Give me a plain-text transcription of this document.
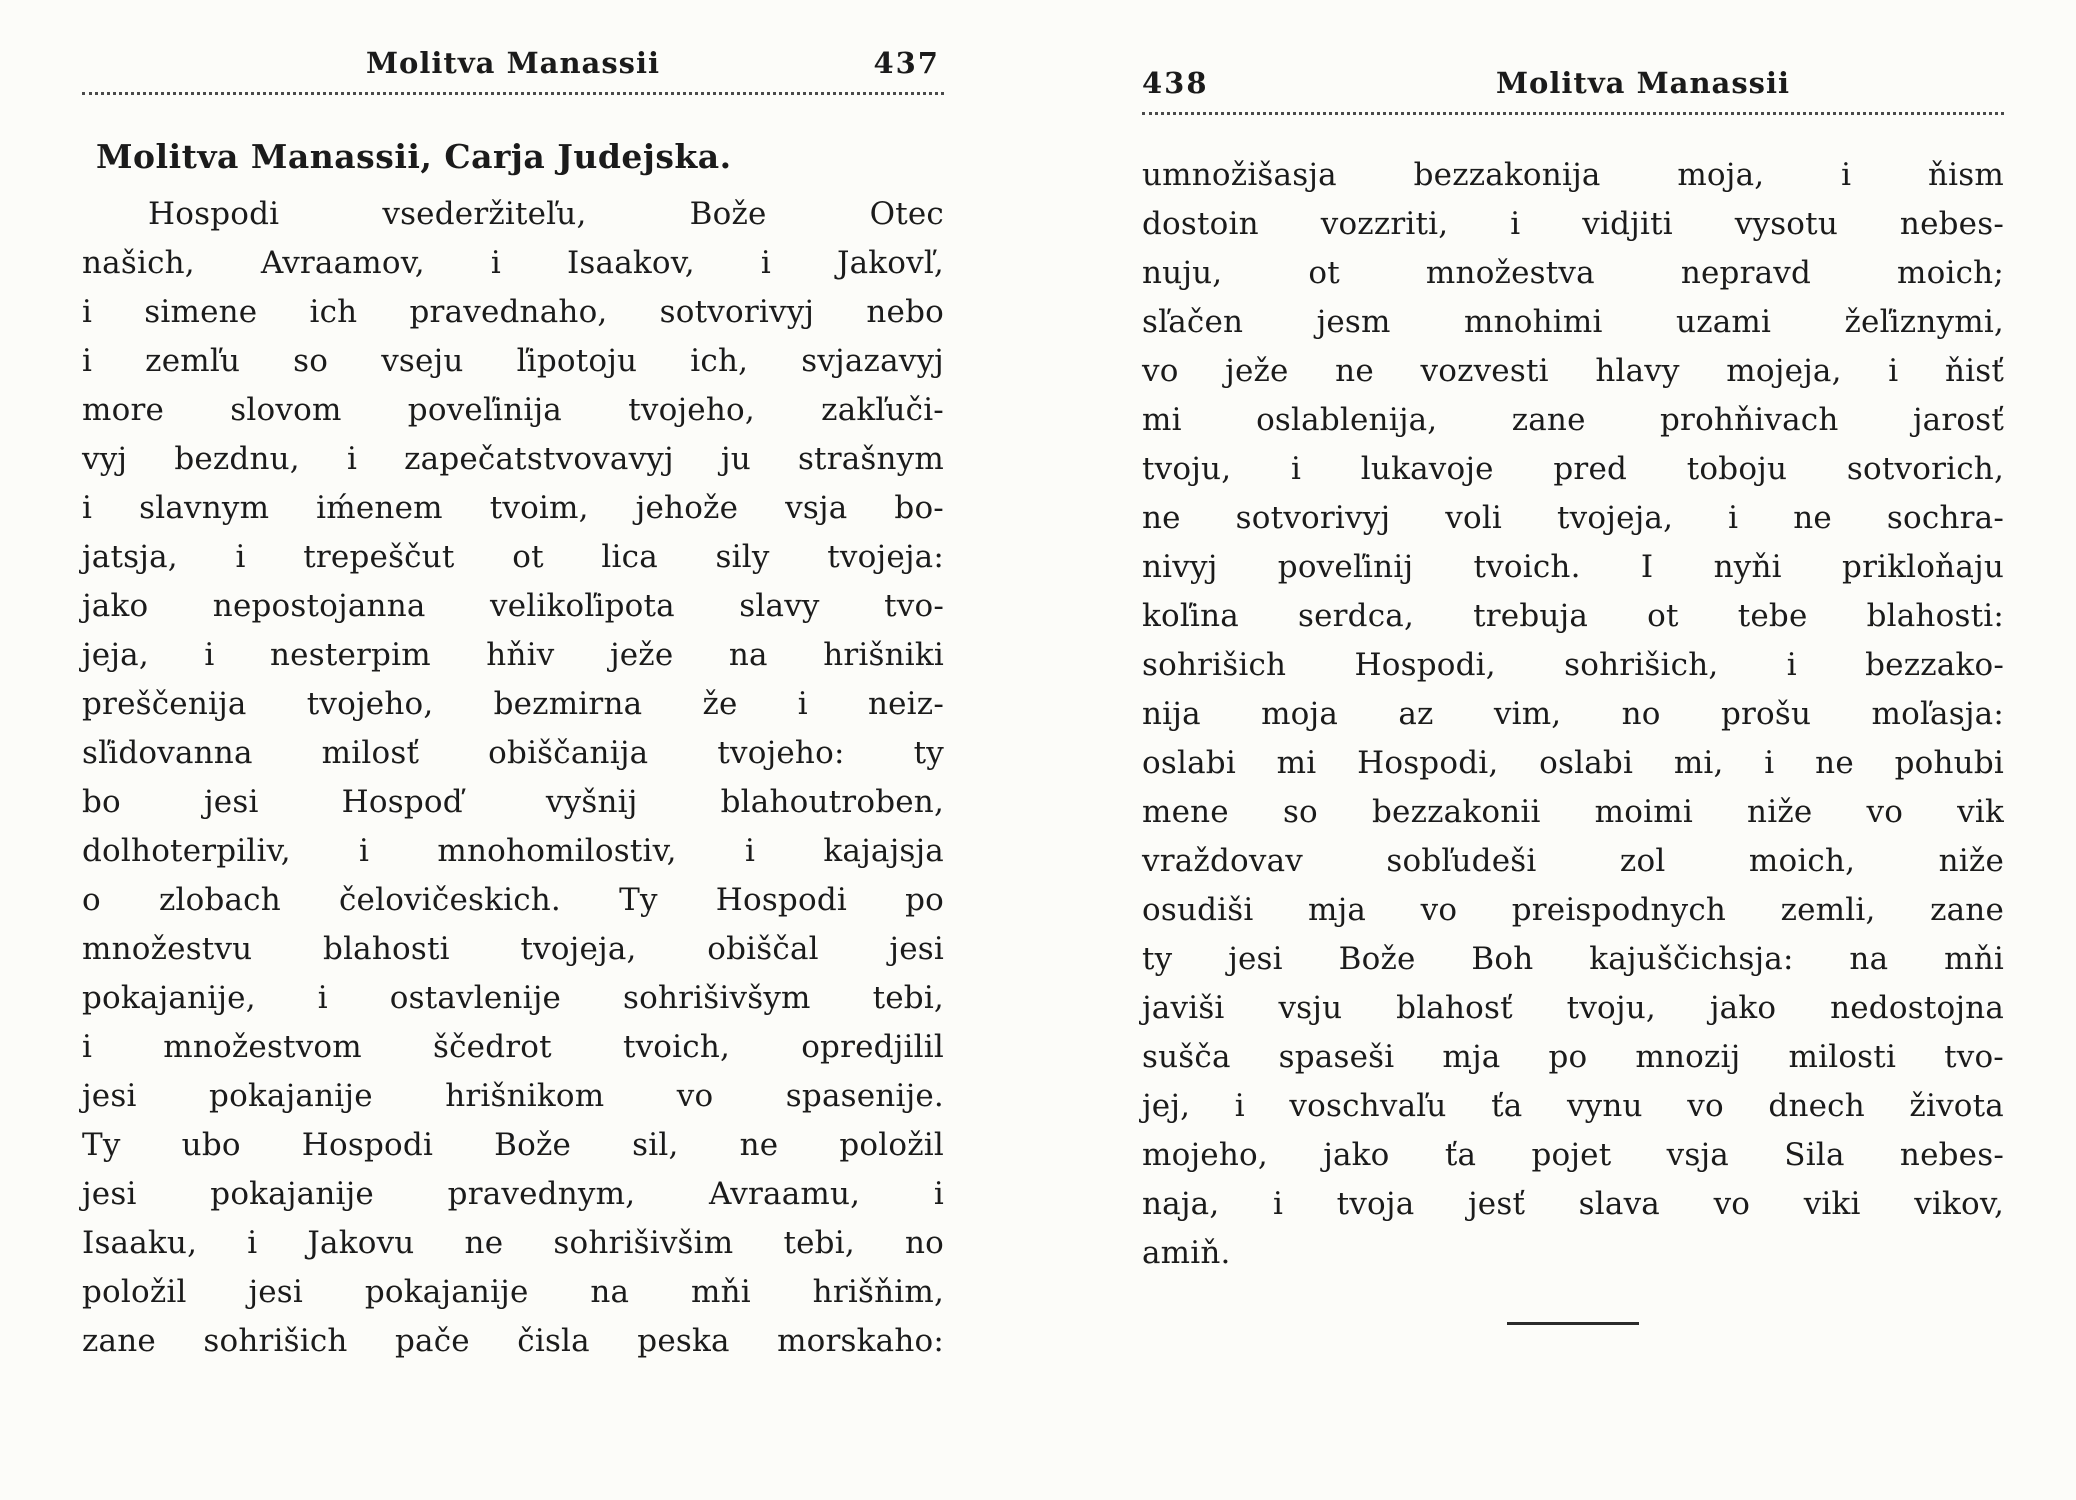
Molitva Manassii	437
Molitva Manassii, Carja Judejska.
Hospodi vsederžiteľu, Bože Otec
našich, Avraamov, i Isaakov, i Jakovľ,
i simene ich pravednaho, sotvorivyj nebo
i zemľu so vseju ľipotoju ich, svjazavyj
more slovom poveľinija tvojeho, zakľuči-
vyj bezdnu, i zapečatstvovavyj ju strašnym
i slavnym iḿenem tvoim, jehože vsja bo-
jatsja, i trepeščut ot lica sily tvojeja:
jako nepostojanna velikoľipota slavy tvo-
jeja, i nesterpim hňiv ježe na hrišniki
preščenija tvojeho, bezmirna že i neiz-
sľidovanna milosť obiščanija tvojeho: ty
bo jesi Hospoď vyšnij blahoutroben,
dolhoterpiliv, i mnohomilostiv, i kajajsja
o zlobach čelovičeskich. Ty Hospodi po
množestvu blahosti tvojeja, obiščal jesi
pokajanije, i ostavlenije sohrišivšym tebi,
i množestvom ščedrot tvoich, opredjilil
jesi pokajanije hrišnikom vo spasenije.
Ty ubo Hospodi Bože sil, ne položil
jesi pokajanije pravednym, Avraamu, i
Isaaku, i Jakovu ne sohrišivšim tebi, no
položil jesi pokajanije na mňi hrišňim,
zane sohrišich pače čisla peska morskaho:
438	Molitva Manassii
umnožišasja bezzakonija moja, i ňism
dostoin vozzriti, i vidjiti vysotu nebes-
nuju, ot množestva nepravd moich;
sľačen jesm mnohimi uzami žeľiznymi,
vo ježe ne vozvesti hlavy mojeja, i ňisť
mi oslablenija, zane prohňivach jarosť
tvoju, i lukavoje pred toboju sotvorich,
ne sotvorivyj voli tvojeja, i ne sochra-
nivyj poveľinij tvoich. I nyňi prikloňaju
koľina serdca, trebuja ot tebe blahosti:
sohrišich Hospodi, sohrišich, i bezzako-
nija moja az vim, no prošu moľasja:
oslabi mi Hospodi, oslabi mi, i ne pohubi
mene so bezzakonii moimi niže vo vik
vraždovav sobľudeši zol moich, niže
osudiši mja vo preispodnych zemli, zane
ty jesi Bože Boh kajuščichsja: na mňi
javiši vsju blahosť tvoju, jako nedostojna
sušča spaseši mja po mnozij milosti tvo-
jej, i voschvaľu ťa vynu vo dnech života
mojeho, jako ťa pojet vsja Sila nebes-
naja, i tvoja jesť slava vo viki vikov,
amiň.
